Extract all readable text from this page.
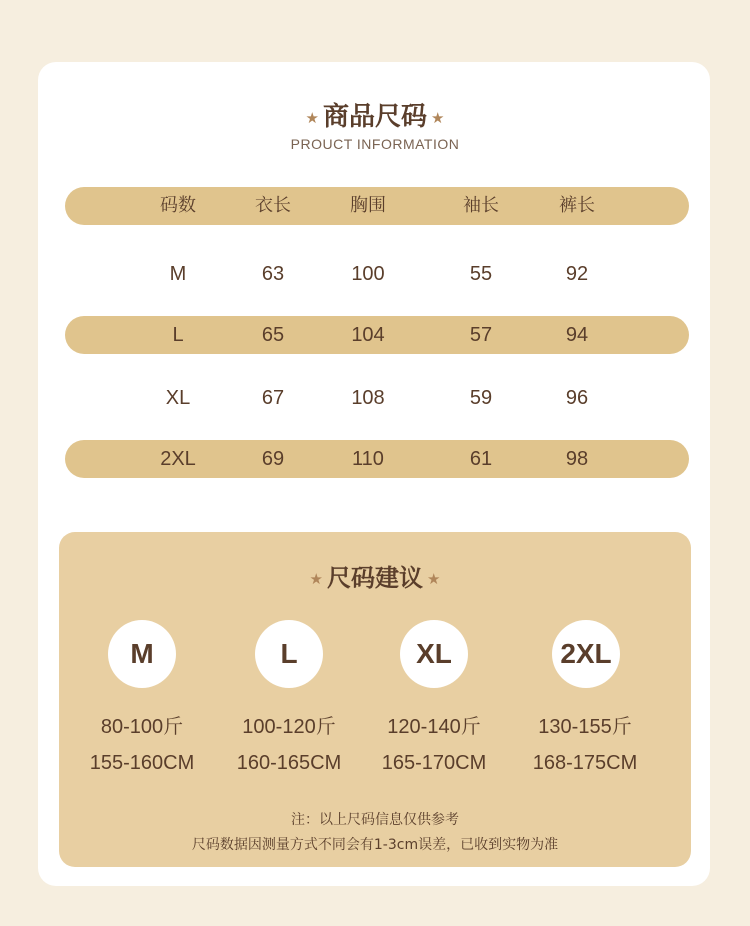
★ 商品尺码 ★
PROUCT INFORMATION
码数	衣长	胸围	袖长	裤长
M	63	100	55	92
L	65	104	57	94
XL	67	108	59	96
2XL	69	110	61	98
★ 尺码建议 ★
M	L	XL	2XL
80-100斤	100-120斤	120-140斤	130-155斤
155-160CM	160-165CM	165-170CM	168-175CM
注：以上尺码信息仅供参考
尺码数据因测量方式不同会有1-3cm误差，已收到实物为准
